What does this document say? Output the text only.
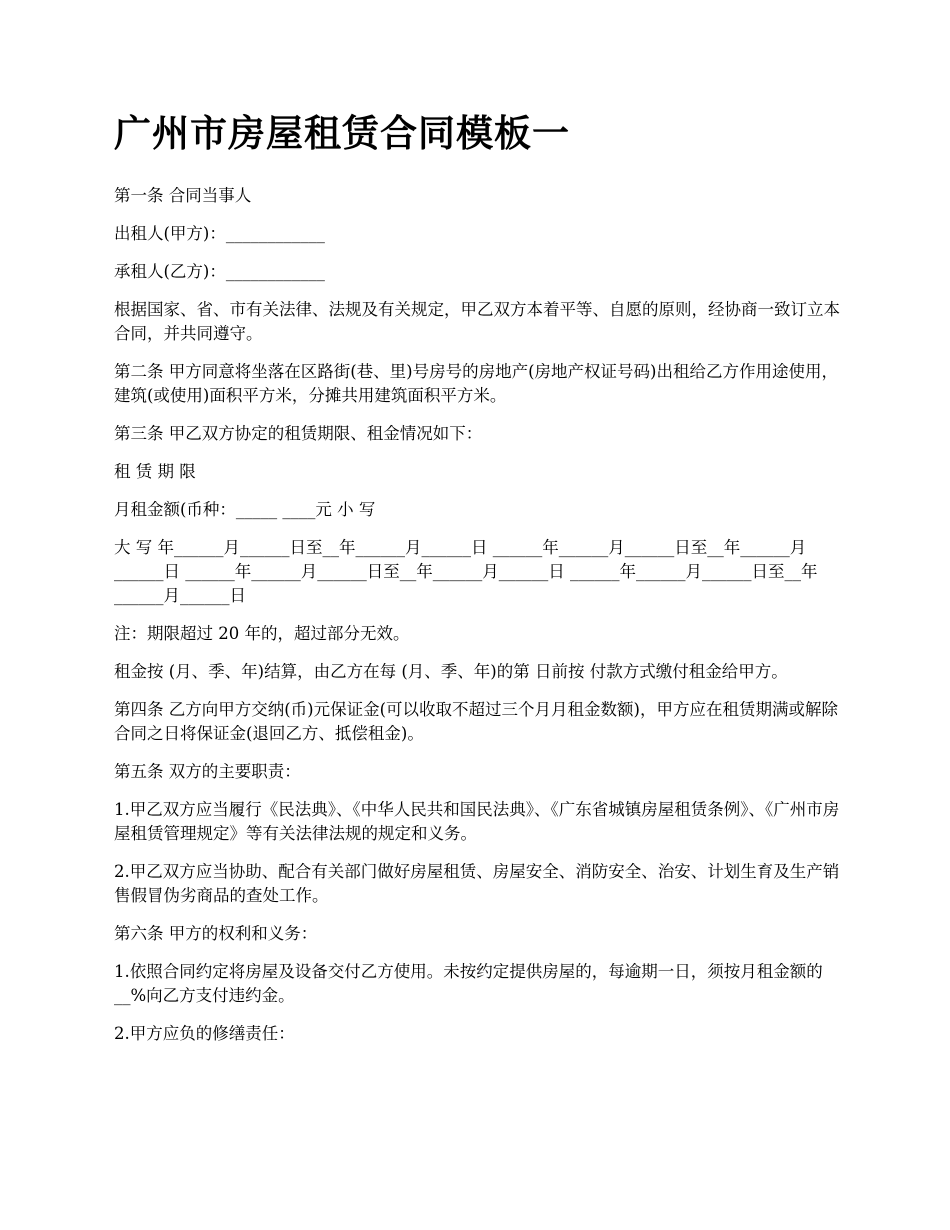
广州市房屋租赁合同模板一

第一条 合同当事人

出租人(甲方)：____________

承租人(乙方)：____________

根据国家、省、市有关法律、法规及有关规定，甲乙双方本着平等、自愿的原则，经协商一致订立本合同，并共同遵守。

第二条 甲方同意将坐落在区路街(巷、里)号房号的房地产(房地产权证号码)出租给乙方作用途使用，建筑(或使用)面积平方米，分摊共用建筑面积平方米。

第三条 甲乙双方协定的租赁期限、租金情况如下：

租 赁 期 限

月租金额(币种：_____ ____元 小 写

大 写 年______月______日至__年______月______日 ______年______月______日至__年______月______日 ______年______月______日至__年______月______日 ______年______月______日至__年______月______日

注：期限超过 20 年的，超过部分无效。

租金按 (月、季、年)结算，由乙方在每 (月、季、年)的第 日前按 付款方式缴付租金给甲方。

第四条 乙方向甲方交纳(币)元保证金(可以收取不超过三个月月租金数额)，甲方应在租赁期满或解除合同之日将保证金(退回乙方、抵偿租金)。

第五条 双方的主要职责：

1.甲乙双方应当履行《民法典》、《中华人民共和国民法典》、《广东省城镇房屋租赁条例》、《广州市房屋租赁管理规定》等有关法律法规的规定和义务。

2.甲乙双方应当协助、配合有关部门做好房屋租赁、房屋安全、消防安全、治安、计划生育及生产销售假冒伪劣商品的查处工作。

第六条 甲方的权利和义务：

1.依照合同约定将房屋及设备交付乙方使用。未按约定提供房屋的，每逾期一日，须按月租金额的__%向乙方支付违约金。

2.甲方应负的修缮责任：
